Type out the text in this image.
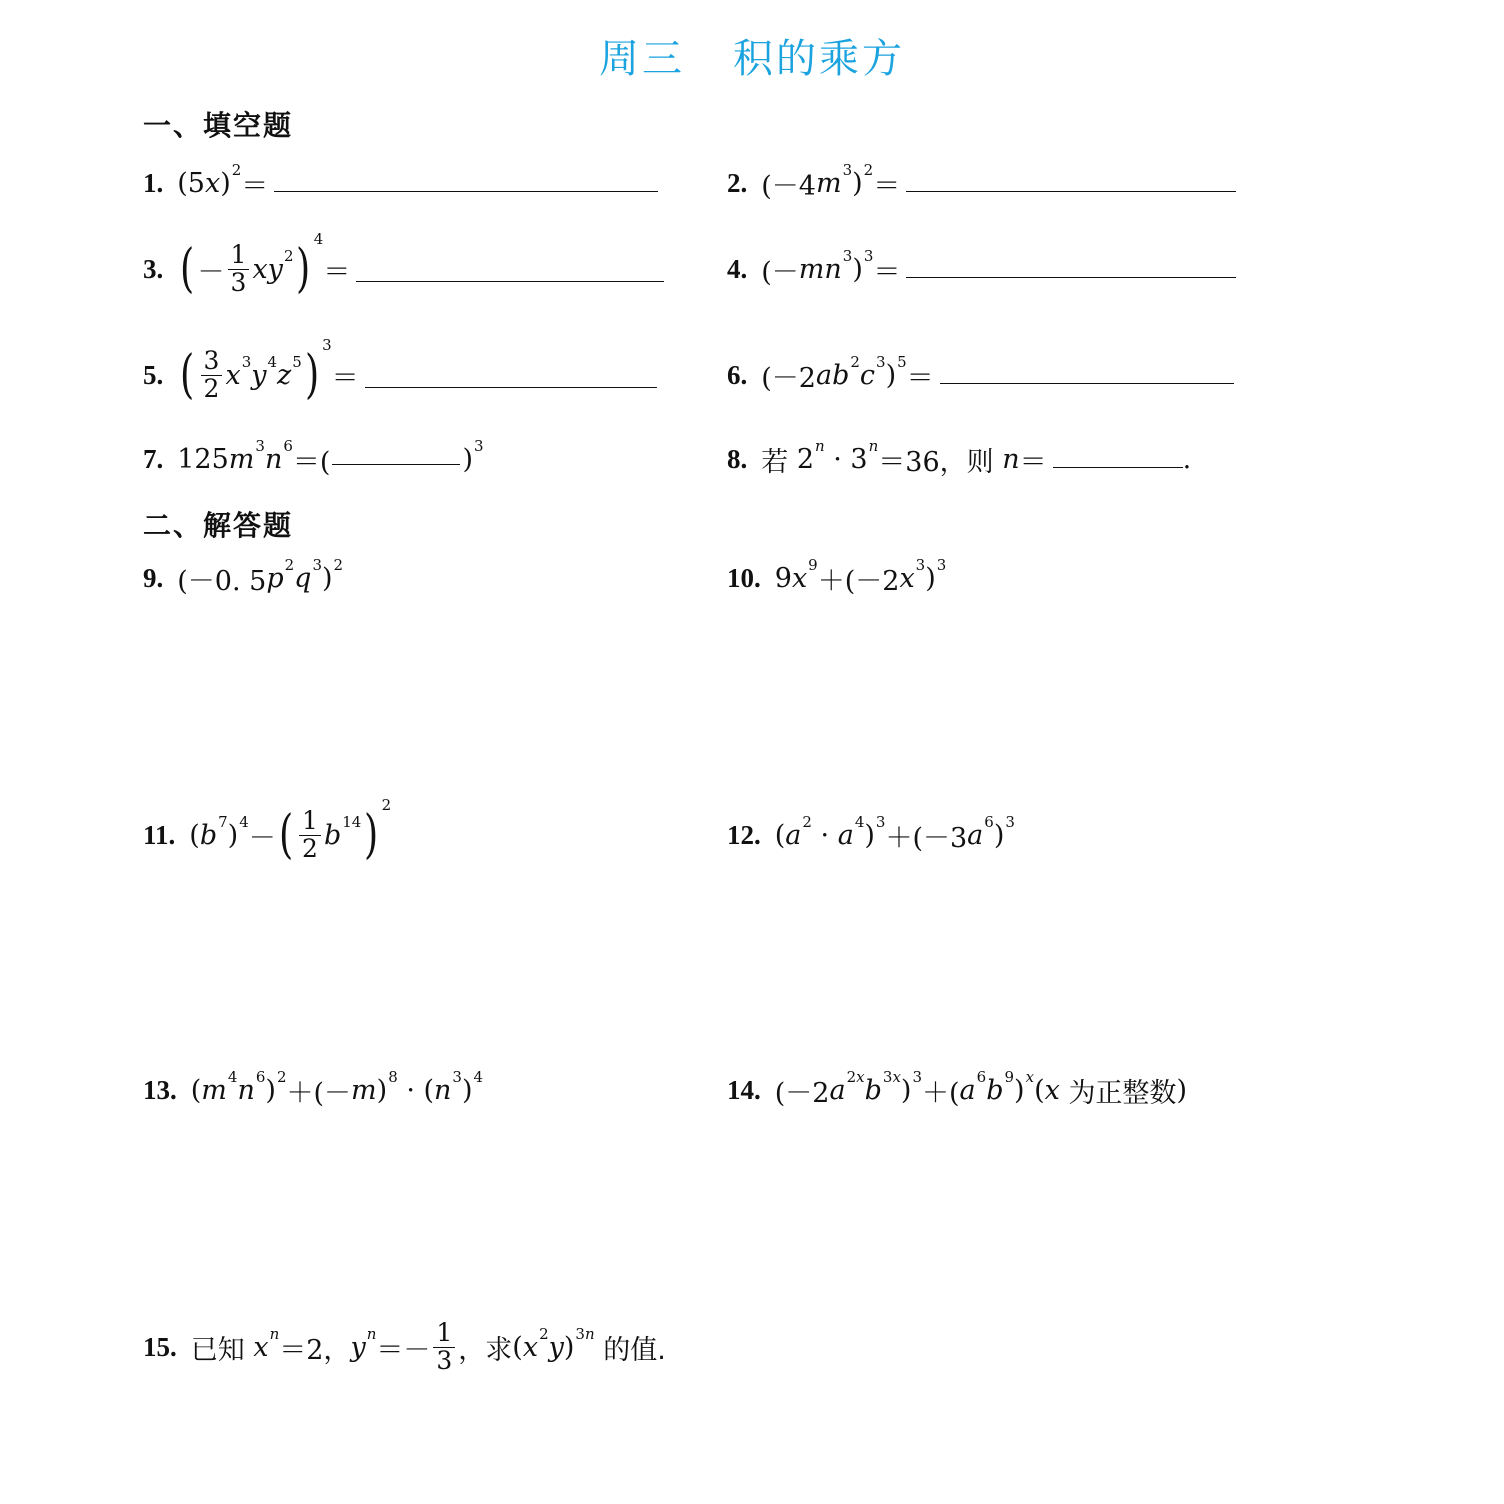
周三 积的乘方
一、填空题
1. (5 x )$^2$
＝	2. (－4 $m^3$ )$^2$
＝
3. ( － $\frac{1}{3} xy^2$ ) 4
＝	4. (－ $mn^3$ )$^3$
＝
5. ( $\frac{3}{2} x^3$ $y^4$ $z^5$ ) 3
＝	6. (－2 $ab^2$ $c^3$ )$^5$
＝
7. 125 $m^3$ $n^6$
＝(	)$^3$	8. 若 $2^n \cdot 3^n$
＝36， 则
n ＝	.
二、解答题
9. (－0. 5 $p^2$ $q^3$ )$^2$	10. 9 $x^9$
＋(－2 $x^3$ )$^3$
11. ( $b^7$ )$^4$
－ ( $\frac{1}{2} b^{14}$ ) 2
12. ( $a^2 \cdot a^4$ )$^3$
＋(－3 $a^6$ )$^3$
13. ( $m^4$ $n^6$ )$^2$
＋(－ m )$^8$ · ( $n^3$ )$^4$	14. (－2 $a^{2x}$ $b^{3x}$ )$^3$
＋( $a^6$ $b^9$ )$^x$ ( x
为正整数 )
15. 已知
$x^n$
＝2， $y^n$
＝－ $\frac{1}{3}$ ， 求 ( $x^2$ y )$^{3n}$

的值.
